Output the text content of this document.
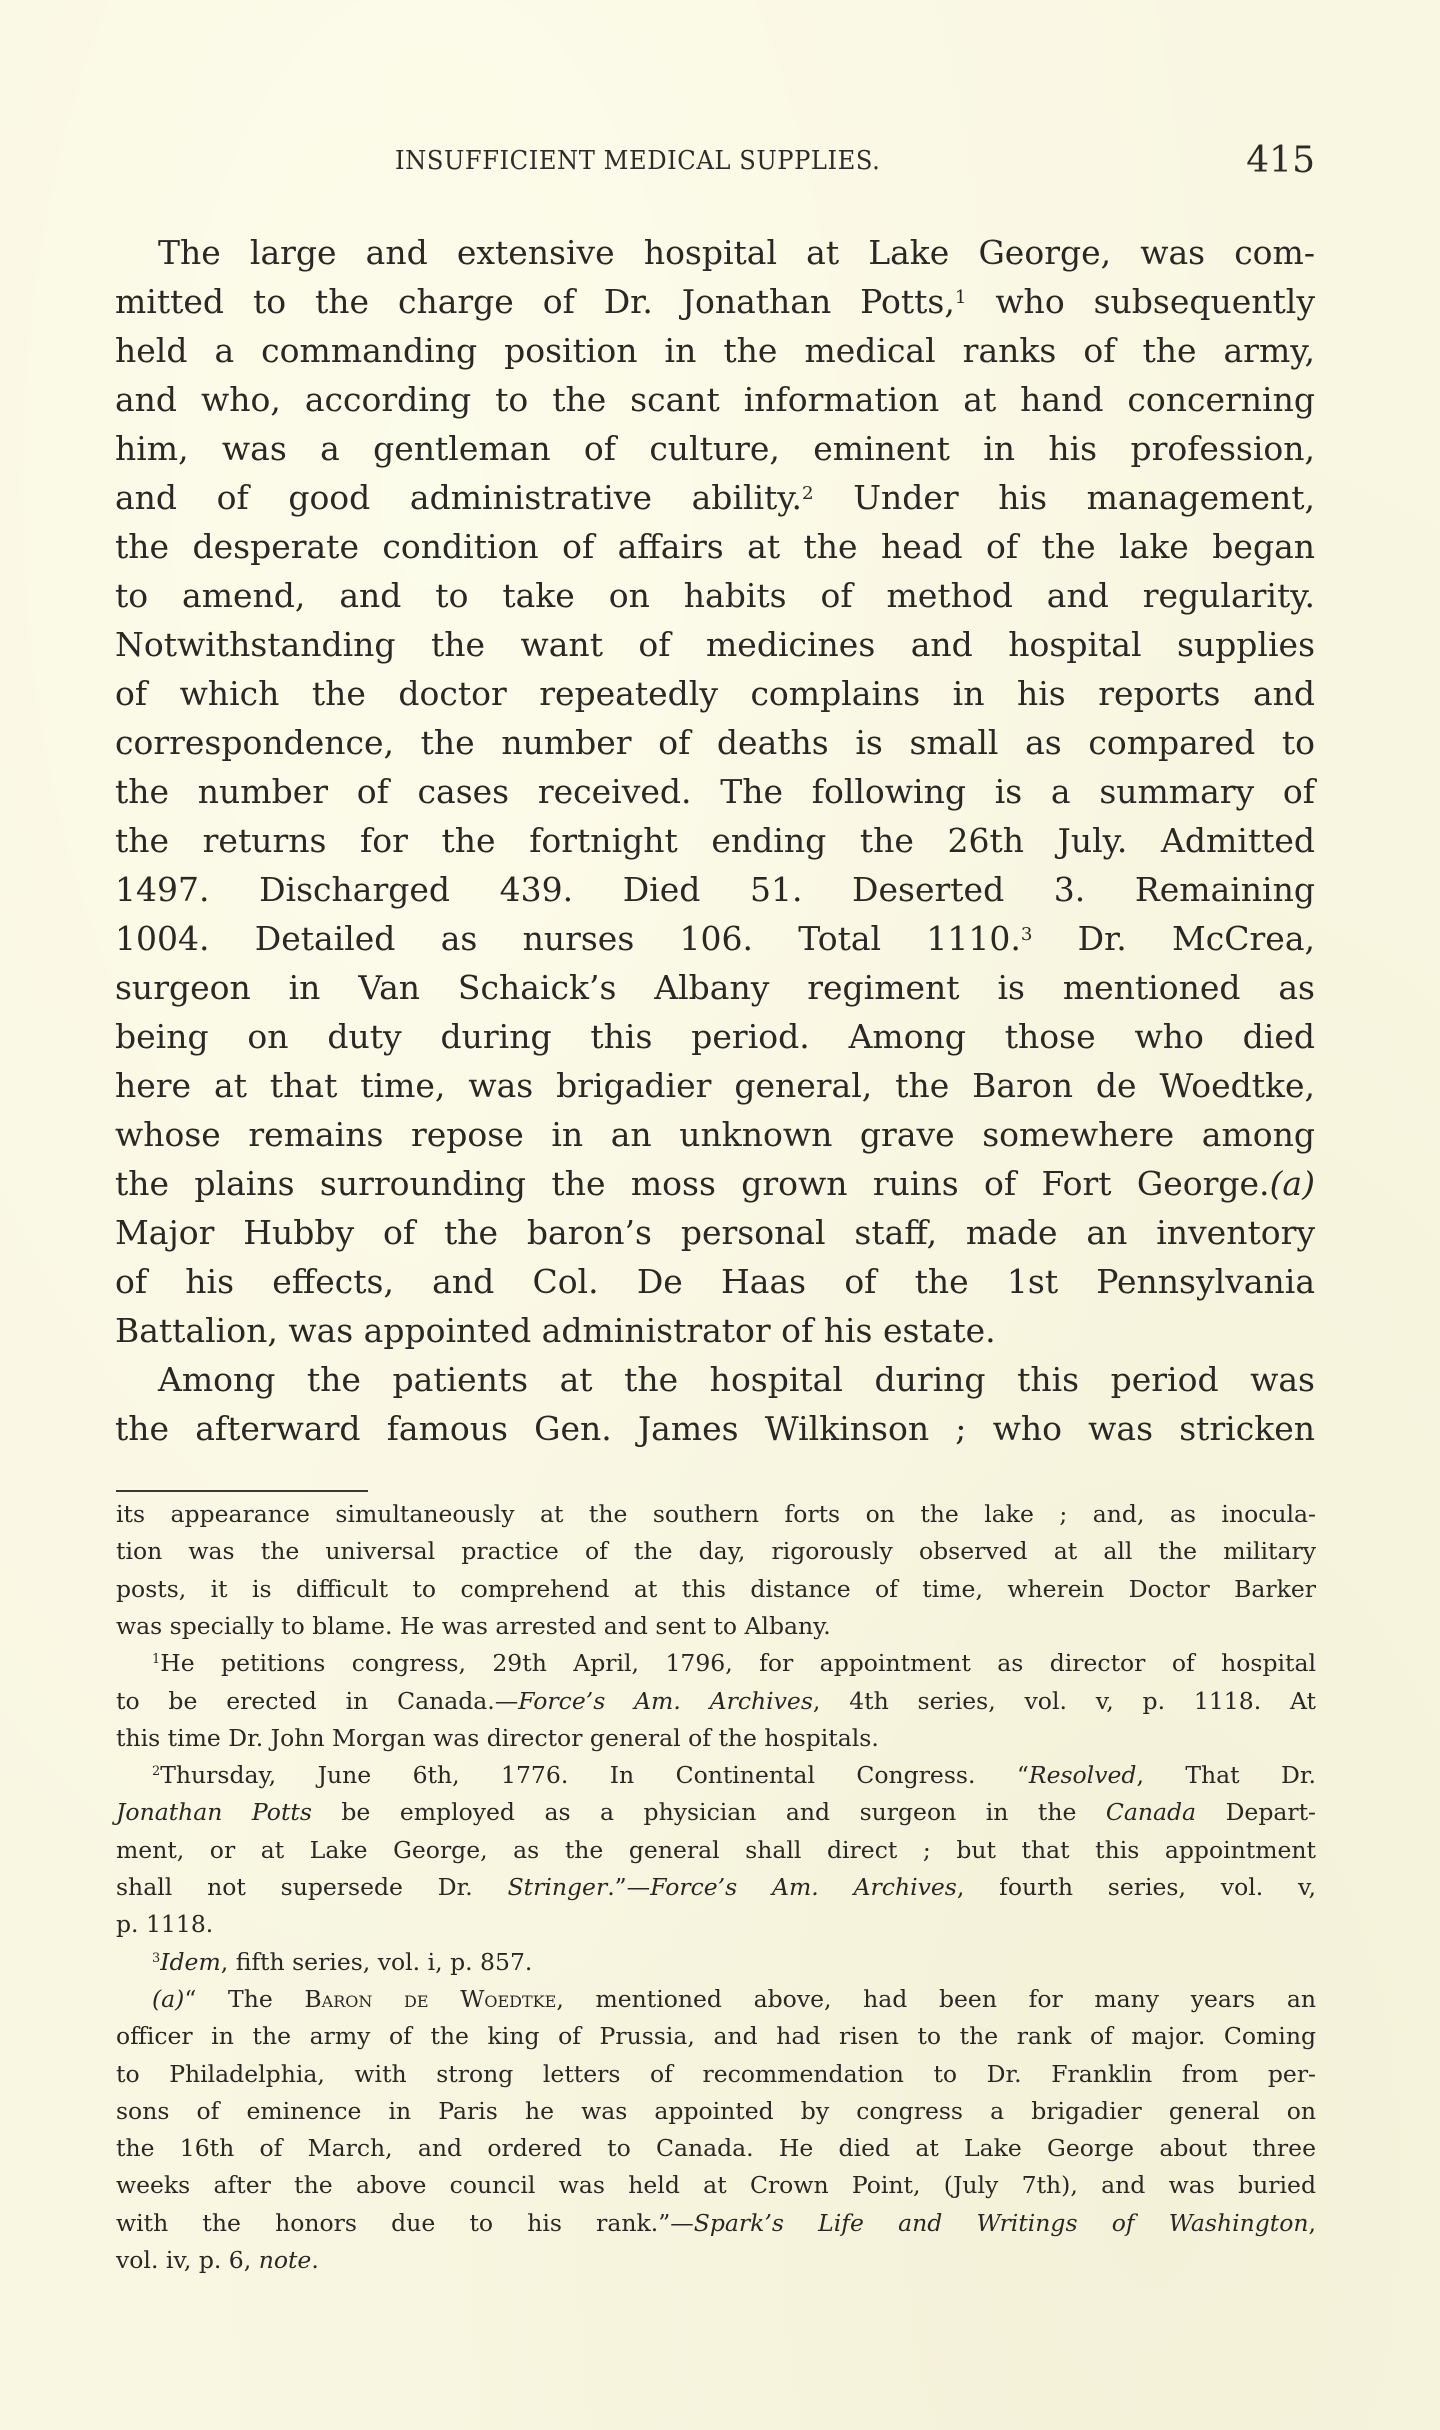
INSUFFICIENT MEDICAL SUPPLIES.	415
The large and extensive hospital at Lake George, was com-
mitted to the charge of Dr. Jonathan Potts,$^1$ who subsequently
held a commanding position in the medical ranks of the army,
and who, according to the scant information at hand concerning
him, was a gentleman of culture, eminent in his profession,
and of good administrative ability.$^2$ Under his management,
the desperate condition of affairs at the head of the lake began
to amend, and to take on habits of method and regularity.
Notwithstanding the want of medicines and hospital supplies
of which the doctor repeatedly complains in his reports and
correspondence, the number of deaths is small as compared to
the number of cases received. The following is a summary of
the returns for the fortnight ending the 26th July. Admitted
1497. Discharged 439. Died 51. Deserted 3. Remaining
1004. Detailed as nurses 106. Total 1110.$^3$ Dr. McCrea,
surgeon in Van Schaick’s Albany regiment is mentioned as
being on duty during this period. Among those who died
here at that time, was brigadier general, the Baron de Woedtke,
whose remains repose in an unknown grave somewhere among
the plains surrounding the moss grown ruins of Fort George.(a)
Major Hubby of the baron’s personal staff, made an inventory
of his effects, and Col. De Haas of the 1st Pennsylvania
Battalion, was appointed administrator of his estate.
Among the patients at the hospital during this period was
the afterward famous Gen. James Wilkinson ; who was stricken
its appearance simultaneously at the southern forts on the lake ; and, as inocula-
tion was the universal practice of the day, rigorously observed at all the military
posts, it is difficult to comprehend at this distance of time, wherein Doctor Barker
was specially to blame. He was arrested and sent to Albany.
$^1$He petitions congress, 29th April, 1796, for appointment as director of hospital
to be erected in Canada.—Force’s Am. Archives, 4th series, vol. v, p. 1118. At
this time Dr. John Morgan was director general of the hospitals.
$^2$Thursday, June 6th, 1776. In Continental Congress. “Resolved, That Dr.
Jonathan Potts be employed as a physician and surgeon in the Canada Depart-
ment, or at Lake George, as the general shall direct ; but that this appointment
shall not supersede Dr. Stringer.”—Force’s Am. Archives, fourth series, vol. v,
p. 1118.
$^3$Idem, fifth series, vol. i, p. 857.
(a)“ The Baron de Woedtke, mentioned above, had been for many years an
officer in the army of the king of Prussia, and had risen to the rank of major. Coming
to Philadelphia, with strong letters of recommendation to Dr. Franklin from per-
sons of eminence in Paris he was appointed by congress a brigadier general on
the 16th of March, and ordered to Canada. He died at Lake George about three
weeks after the above council was held at Crown Point, (July 7th), and was buried
with the honors due to his rank.”—Spark’s Life and Writings of Washington,
vol. iv, p. 6, note.
